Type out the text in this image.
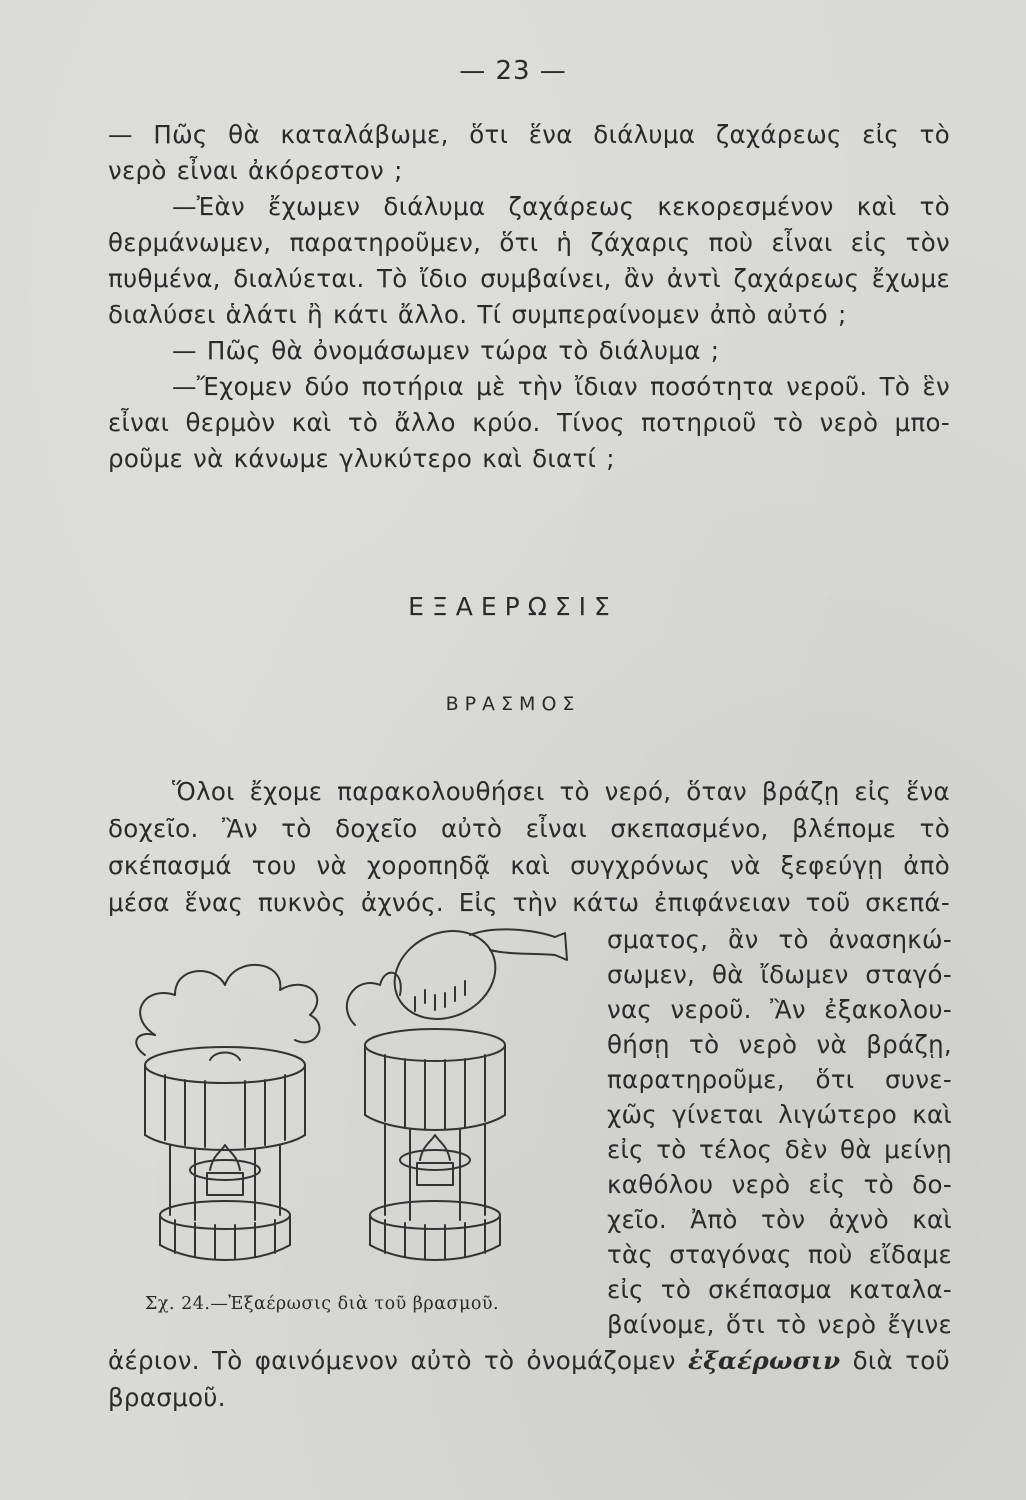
— 23 —
— Πῶς θὰ καταλάβωμε, ὅτι ἕνα διάλυμα ζαχάρεως εἰς τὸ
νερὸ εἶναι ἀκόρεστον ;
—Ἐὰν ἔχωμεν διάλυμα ζαχάρεως κεκορεσμένον καὶ τὸ
θερμάνωμεν, παρατηροῦμεν, ὅτι ἡ ζάχαρις ποὺ εἶναι εἰς τὸν
πυθμένα, διαλύεται. Τὸ ἴδιο συμβαίνει, ἂν ἀντὶ ζαχάρεως ἔχωμε
διαλύσει ἁλάτι ἢ κάτι ἄλλο. Τί συμπεραίνομεν ἀπὸ αὐτό ;
— Πῶς θὰ ὀνομάσωμεν τώρα τὸ διάλυμα ;
—Ἔχομεν δύο ποτήρια μὲ τὴν ἴδιαν ποσότητα νεροῦ. Τὸ ἓν
εἶναι θερμὸν καὶ τὸ ἄλλο κρύο. Τίνος ποτηριοῦ τὸ νερὸ μπο-
ροῦμε νὰ κάνωμε γλυκύτερο καὶ διατί ;
ΕΞΑΕΡΩΣΙΣ
ΒΡΑΣΜΟΣ
Ὅλοι ἔχομε παρακολουθήσει τὸ νερό, ὅταν βράζῃ εἰς ἕνα
δοχεῖο. Ἂν τὸ δοχεῖο αὐτὸ εἶναι σκεπασμένο, βλέπομε τὸ
σκέπασμά του νὰ χοροπηδᾷ καὶ συγχρόνως νὰ ξεφεύγῃ ἀπὸ
μέσα ἕνας πυκνὸς ἀχνός. Εἰς τὴν κάτω ἐπιφάνειαν τοῦ σκεπά-
σματος, ἂν τὸ ἀνασηκώ-
σωμεν, θὰ ἴδωμεν σταγό-
νας νεροῦ. Ἂν ἐξακολου-
θήσῃ τὸ νερὸ νὰ βράζῃ,
παρατηροῦμε, ὅτι συνε-
χῶς γίνεται λιγώτερο καὶ
εἰς τὸ τέλος δὲν θὰ μείνῃ
καθόλου νερὸ εἰς τὸ δο-
χεῖο. Ἀπὸ τὸν ἀχνὸ καὶ
τὰς σταγόνας ποὺ εἴδαμε
εἰς τὸ σκέπασμα καταλα-
βαίνομε, ὅτι τὸ νερὸ ἔγινε
Σχ. 24.—Ἐξαέρωσις διὰ τοῦ βρασμοῦ.
ἀέριον. Τὸ φαινόμενον αὐτὸ τὸ ὀνομάζομεν ἐξαέρωσιν διὰ τοῦ
βρασμοῦ.
